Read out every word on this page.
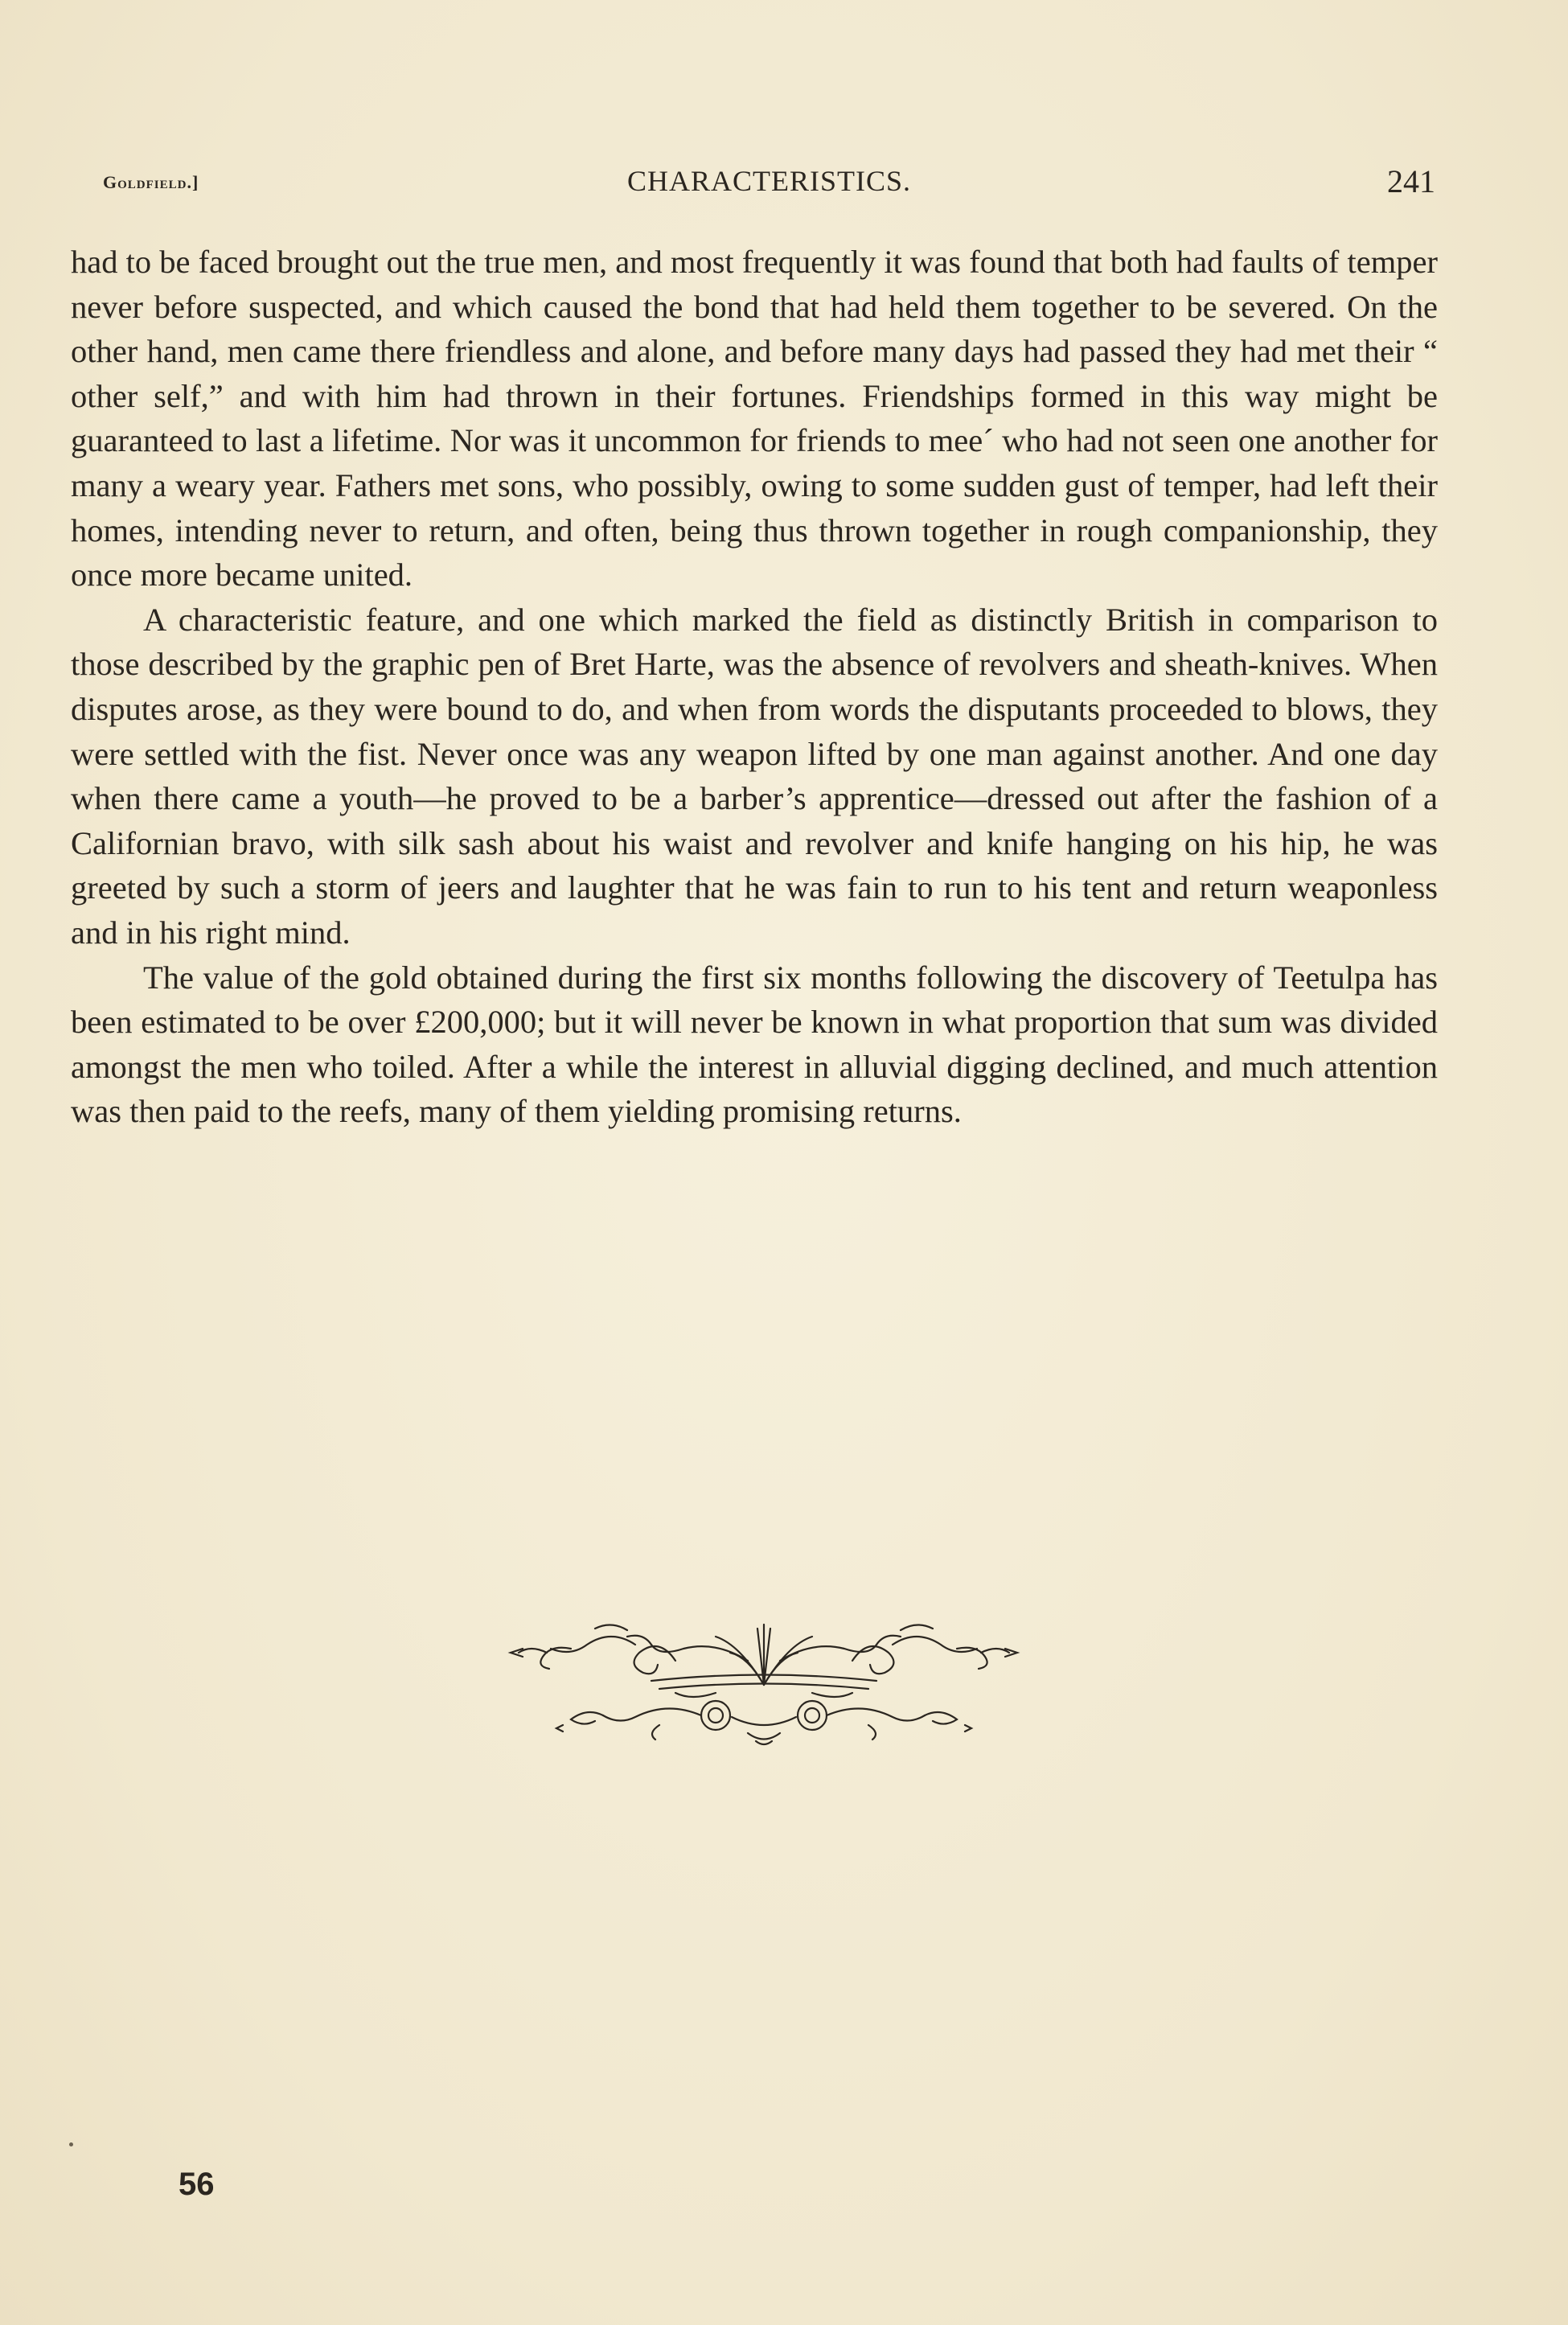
Goldfield.]	CHARACTERISTICS.	241

had to be faced brought out the true men, and most frequently it was found that both had faults of temper never before suspected, and which caused the bond that had held them together to be severed. On the other hand, men came there friendless and alone, and before many days had passed they had met their “ other self,” and with him had thrown in their fortunes. Friendships formed in this way might be guaranteed to last a lifetime. Nor was it uncommon for friends to mee´ who had not seen one another for many a weary year. Fathers met sons, who possibly, owing to some sudden gust of temper, had left their homes, intending never to return, and often, being thus thrown together in rough companionship, they once more became united.

A characteristic feature, and one which marked the field as distinctly British in comparison to those described by the graphic pen of Bret Harte, was the absence of revolvers and sheath-knives. When disputes arose, as they were bound to do, and when from words the disputants proceeded to blows, they were settled with the fist. Never once was any weapon lifted by one man against another. And one day when there came a youth—he proved to be a barber’s apprentice—dressed out after the fashion of a Californian bravo, with silk sash about his waist and revolver and knife hanging on his hip, he was greeted by such a storm of jeers and laughter that he was fain to run to his tent and return weaponless and in his right mind.

The value of the gold obtained during the first six months following the discovery of Teetulpa has been estimated to be over £200,000; but it will never be known in what proportion that sum was divided amongst the men who toiled. After a while the interest in alluvial digging declined, and much attention was then paid to the reefs, many of them yielding promising returns.

56
